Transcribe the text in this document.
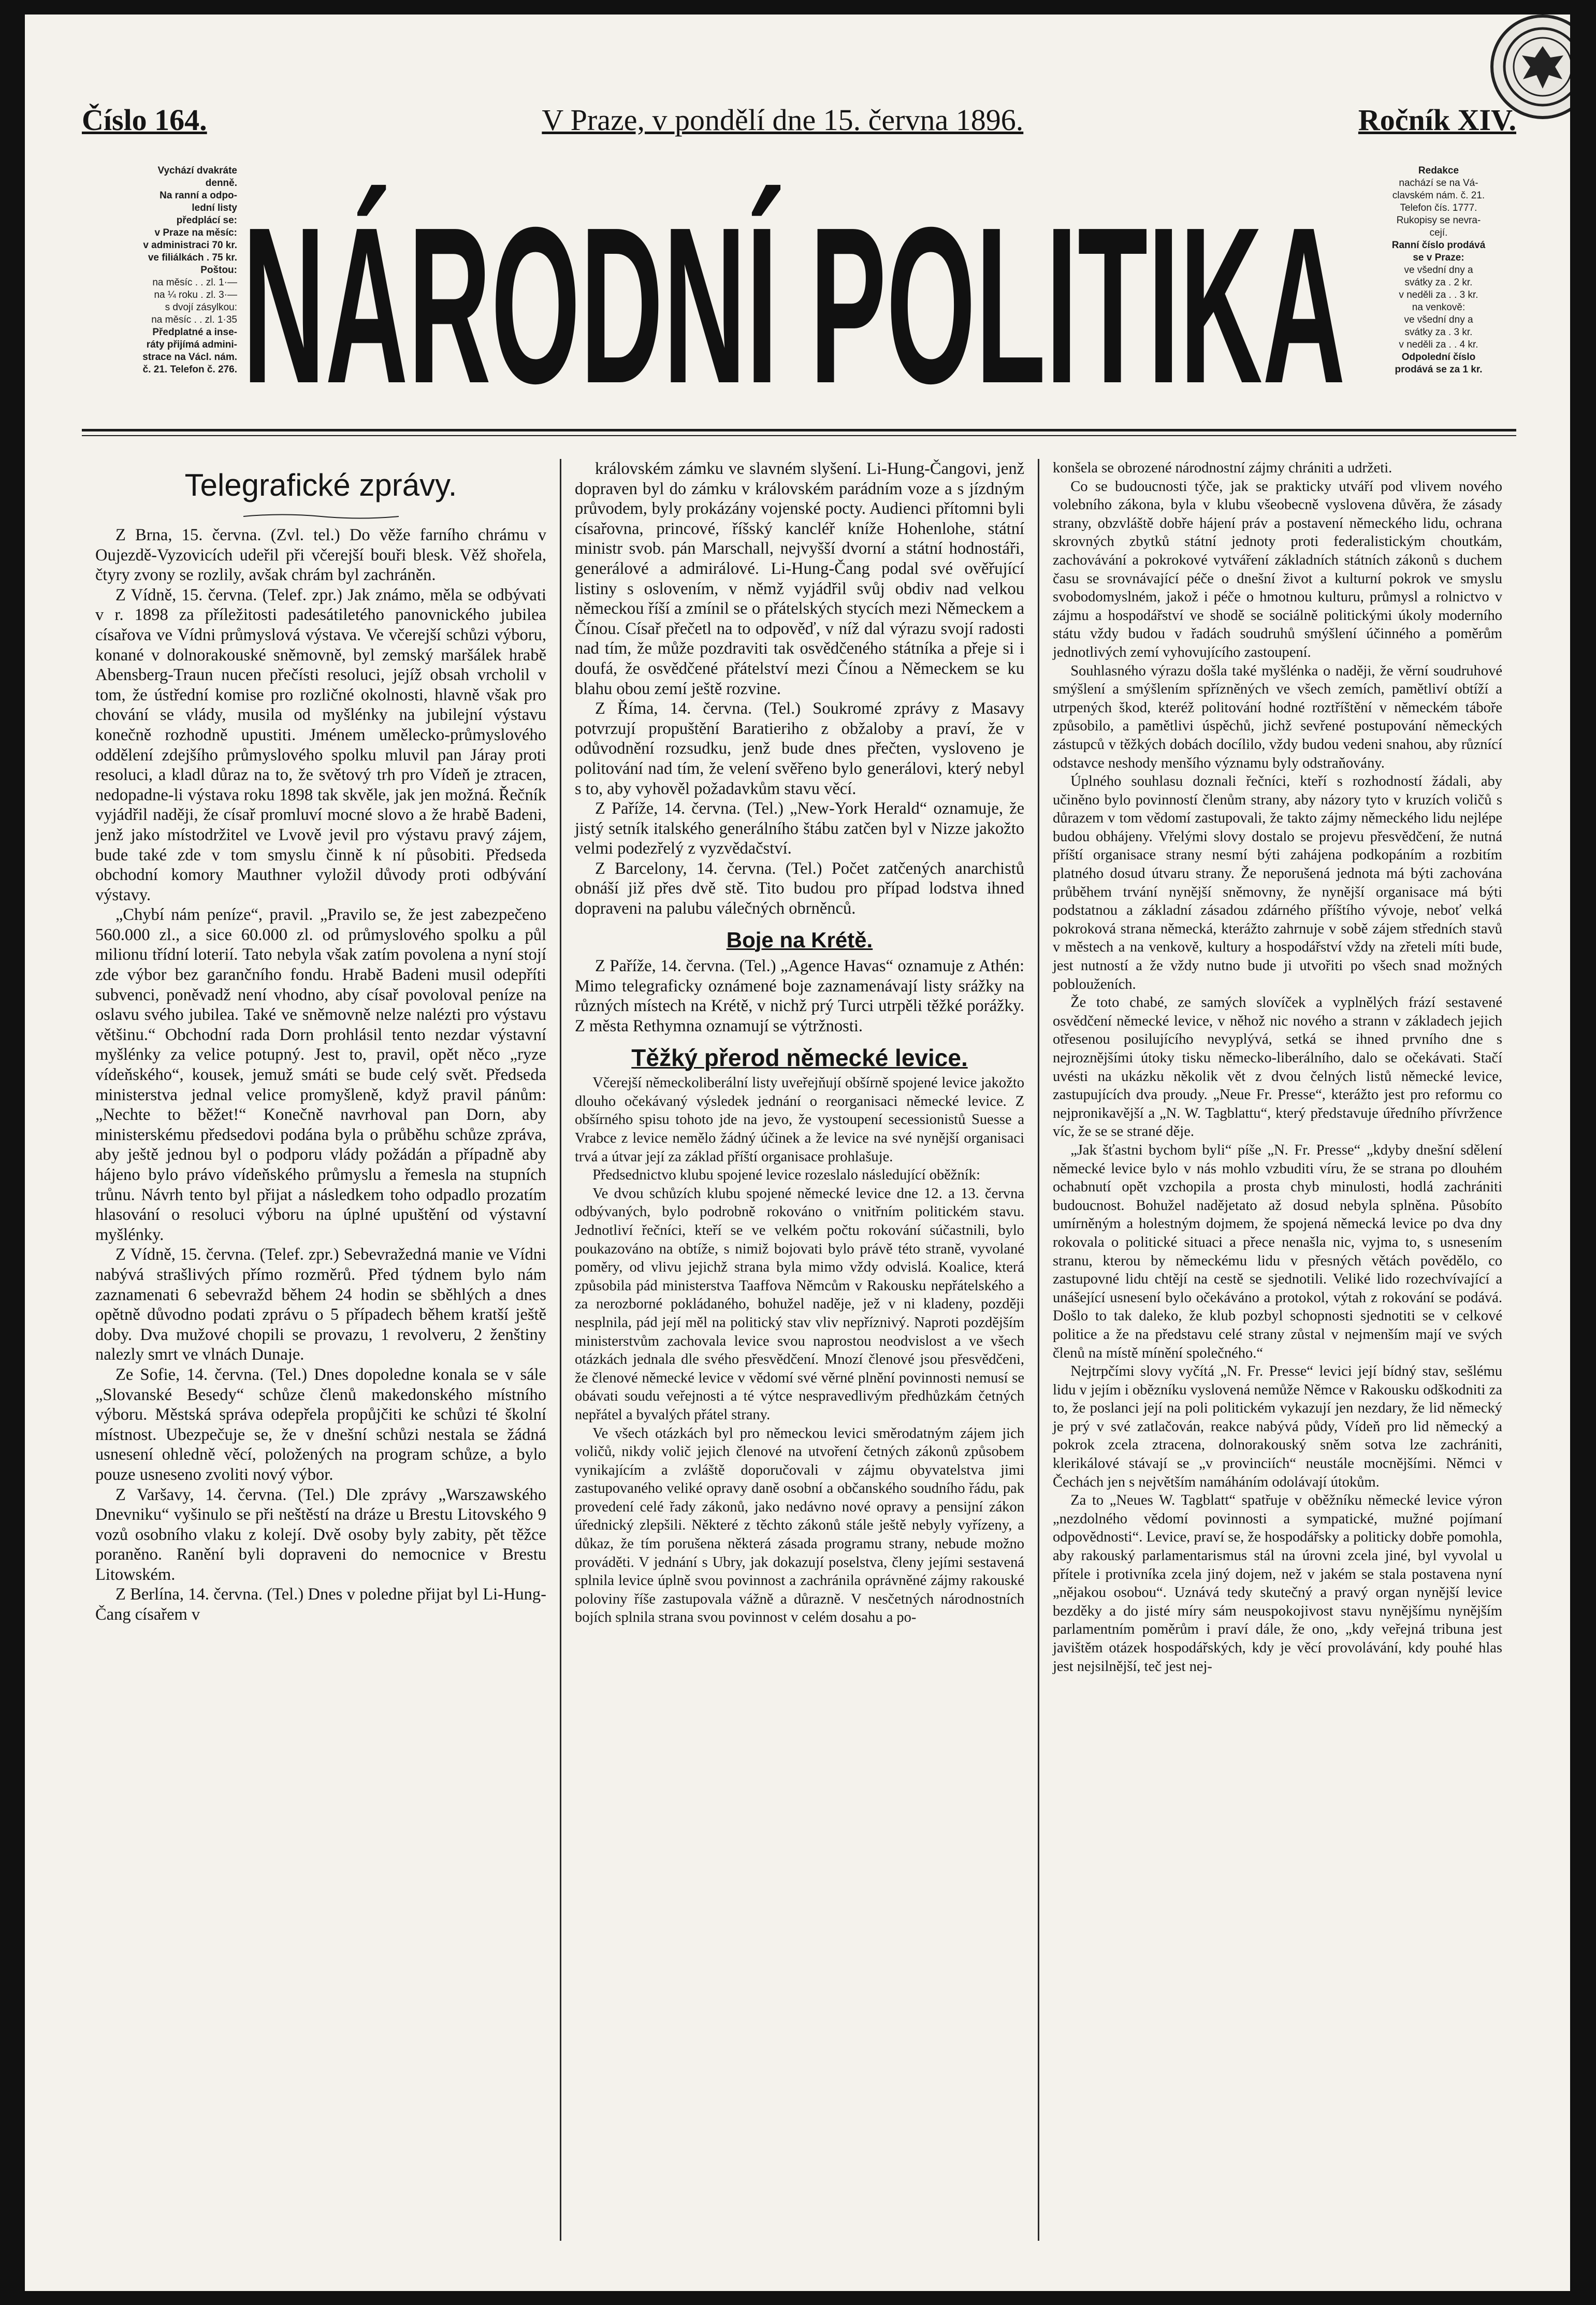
Číslo 164.	V Praze, v pondělí dne 15. června 1896.	Ročník XIV.
Vychází dvakráte
denně.
Na ranní a odpo-
lední listy
předplácí se:
v Praze na měsíc:
v administraci 70 kr.
ve filiálkách . 75 kr.
Poštou:
na měsíc . . zl. 1·—
na ¼ roku . zl. 3·—
s dvojí zásylkou:
na měsíc . . zl. 1·35
Předplatné a inse-
ráty přijímá admini-
strace na Václ. nám.
č. 21. Telefon č. 276. NÁRODNÍ POLITIKA
Redakce
nachází se na Vá-
clavském nám. č. 21.
Telefon čís. 1777.
Rukopisy se nevra-
cejí.
Ranní číslo prodává
se v Praze:
ve všední dny a
svátky za . 2 kr.
v neděli za . . 3 kr.
na venkově:
ve všední dny a
svátky za . 3 kr.
v neděli za . . 4 kr.
Odpolední číslo
prodává se za 1 kr.
Telegrafické zprávy.

Z Brna, 15. června. (Zvl. tel.) Do věže farního chrámu v Oujezdě-Vyzovicích udeřil při včerejší bouři blesk. Věž shořela, čtyry zvony se rozlily, avšak chrám byl zachráněn.

Z Vídně, 15. června. (Telef. zpr.) Jak známo, měla se odbývati v r. 1898 za příležitosti padesátiletého panovnického jubilea císařova ve Vídni průmyslová výstava. Ve včerejší schůzi výboru, konané v dolnorakouské sněmovně, byl zemský maršálek hrabě Abensberg-Traun nucen přečísti resoluci, jejíž obsah vrcholil v tom, že ústřední komise pro rozličné okolnosti, hlavně však pro chování se vlády, musila od myšlénky na jubilejní výstavu konečně rozhodně upustiti. Jménem umělecko-průmyslového oddělení zdejšího průmyslového spolku mluvil pan Járay proti resoluci, a kladl důraz na to, že světový trh pro Vídeň je ztracen, nedopadne-li výstava roku 1898 tak skvěle, jak jen možná. Řečník vyjádřil naději, že císař promluví mocné slovo a že hrabě Badeni, jenž jako místodržitel ve Lvově jevil pro výstavu pravý zájem, bude také zde v tom smyslu činně k ní působiti. Předseda obchodní komory Mauthner vyložil důvody proti odbývání výstavy.

„Chybí nám peníze“, pravil. „Pravilo se, že jest zabezpečeno 560.000 zl., a sice 60.000 zl. od průmyslového spolku a půl milionu třídní loterií. Tato nebyla však zatím povolena a nyní stojí zde výbor bez garančního fondu. Hrabě Badeni musil odepříti subvenci, poněvadž není vhodno, aby císař povoloval peníze na oslavu svého jubilea. Také ve sněmovně nelze nalézti pro výstavu většinu.“ Obchodní rada Dorn prohlásil tento nezdar výstavní myšlénky za velice potupný. Jest to, pravil, opět něco „ryze vídeňského“, kousek, jemuž smáti se bude celý svět. Předseda ministerstva jednal velice promyšleně, když pravil pánům: „Nechte to běžet!“ Konečně navrhoval pan Dorn, aby ministerskému předsedovi podána byla o průběhu schůze zpráva, aby ještě jednou byl o podporu vlády požádán a případně aby hájeno bylo právo vídeňského průmyslu a řemesla na stupních trůnu. Návrh tento byl přijat a následkem toho odpadlo prozatím hlasování o resoluci výboru na úplné upuštění od výstavní myšlénky.

Z Vídně, 15. června. (Telef. zpr.) Sebevražedná manie ve Vídni nabývá strašlivých přímo rozměrů. Před týdnem bylo nám zaznamenati 6 sebevražd během 24 hodin se sběhlých a dnes opětně důvodno podati zprávu o 5 případech během kratší ještě doby. Dva mužové chopili se provazu, 1 revolveru, 2 ženštiny nalezly smrt ve vlnách Dunaje.

Ze Sofie, 14. června. (Tel.) Dnes dopoledne konala se v sále „Slovanské Besedy“ schůze členů makedonského místního výboru. Městská správa odepřela propůjčiti ke schůzi té školní místnost. Ubezpečuje se, že v dnešní schůzi nestala se žádná usnesení ohledně věcí, položených na program schůze, a bylo pouze usneseno zvoliti nový výbor.

Z Varšavy, 14. června. (Tel.) Dle zprávy „Warszawského Dnevniku“ vyšinulo se při neštěstí na dráze u Brestu Litovského 9 vozů osobního vlaku z kolejí. Dvě osoby byly zabity, pět těžce poraněno. Ranění byli dopraveni do nemocnice v Brestu Litowském.

Z Berlína, 14. června. (Tel.) Dnes v poledne přijat byl Li-Hung-Čang císařem v

královském zámku ve slavném slyšení. Li-Hung-Čangovi, jenž dopraven byl do zámku v královském parádním voze a s jízdným průvodem, byly prokázány vojenské pocty. Audienci přítomni byli císařovna, princové, říšský kancléř kníže Hohenlohe, státní ministr svob. pán Marschall, nejvyšší dvorní a státní hodnostáři, generálové a admirálové. Li-Hung-Čang podal své ověřující listiny s oslovením, v němž vyjádřil svůj obdiv nad velkou německou říší a zmínil se o přátelských stycích mezi Německem a Čínou. Císař přečetl na to odpověď, v níž dal výrazu svojí radosti nad tím, že může pozdraviti tak osvědčeného státníka a přeje si i doufá, že osvědčené přátelství mezi Čínou a Německem se ku blahu obou zemí ještě rozvine.

Z Říma, 14. června. (Tel.) Soukromé zprávy z Masavy potvrzují propuštění Baratieriho z obžaloby a praví, že v odůvodnění rozsudku, jenž bude dnes přečten, vysloveno je politování nad tím, že velení svěřeno bylo generálovi, který nebyl s to, aby vyhověl požadavkům stavu věcí.

Z Paříže, 14. června. (Tel.) „New-York Herald“ oznamuje, že jistý setník italského generálního štábu zatčen byl v Nizze jakožto velmi podezřelý z vyzvědačství.

Z Barcelony, 14. června. (Tel.) Počet zatčených anarchistů obnáší již přes dvě stě. Tito budou pro případ lodstva ihned dopraveni na palubu válečných obrněnců.

Boje na Krétě.

Z Paříže, 14. června. (Tel.) „Agence Havas“ oznamuje z Athén: Mimo telegraficky oznámené boje zaznamenávají listy srážky na různých místech na Krétě, v nichž prý Turci utrpěli těžké porážky. Z města Rethymna oznamují se výtržnosti.

Těžký přerod německé levice.

Včerejší německoliberální listy uveřejňují obšírně spojené levice jakožto dlouho očekávaný výsledek jednání o reorganisaci německé levice. Z obšírného spisu tohoto jde na jevo, že vystoupení secessionistů Suesse a Vrabce z levice nemělo žádný účinek a že levice na své nynější organisaci trvá a útvar její za základ příští organisace prohlašuje.

Předsednictvo klubu spojené levice rozeslalo následující oběžník:

Ve dvou schůzích klubu spojené německé levice dne 12. a 13. června odbývaných, bylo podrobně rokováno o vnitřním politickém stavu. Jednotliví řečníci, kteří se ve velkém počtu rokování súčastnili, bylo poukazováno na obtíže, s nimiž bojovati bylo právě této straně, vyvolané poměry, od vlivu jejichž strana byla mimo vždy odvislá. Koalice, která způsobila pád ministerstva Taaffova Němcům v Rakousku nepřátelského a za nerozborné pokládaného, bohužel naděje, jež v ni kladeny, později nesplnila, pád její měl na politický stav vliv nepříznivý. Naproti pozdějším ministerstvům zachovala levice svou naprostou neodvislost a ve všech otázkách jednala dle svého přesvědčení. Mnozí členové jsou přesvědčeni, že členové německé levice v vědomí své věrné plnění povinnosti nemusí se obávati soudu veřejnosti a té výtce nespravedlivým předhůzkám četných nepřátel a byvalých přátel strany.

Ve všech otázkách byl pro německou levici směrodatným zájem jich voličů, nikdy volič jejich členové na utvoření četných zákonů způsobem vynikajícím a zvláště doporučovali v zájmu obyvatelstva jimi zastupovaného veliké opravy daně osobní a občanského soudního řádu, pak provedení celé řady zákonů, jako nedávno nové opravy a pensijní zákon úřednický zlepšili. Některé z těchto zákonů stále ještě nebyly vyřízeny, a důkaz, že tím porušena některá zásada programu strany, nebude možno prováděti. V jednání s Ubry, jak dokazují poselstva, členy jejími sestavená splnila levice úplně svou povinnost a zachránila oprávněné zájmy rakouské poloviny říše zastupovala vážně a důrazně. V nesčetných národnostních bojích splnila strana svou povinnost v celém dosahu a po-

konšela se obrozené národnostní zájmy chrániti a udržeti.

Co se budoucnosti týče, jak se prakticky utváří pod vlivem nového volebního zákona, byla v klubu všeobecně vyslovena důvěra, že zásady strany, obzvláště dobře hájení práv a postavení německého lidu, ochrana skrovných zbytků státní jednoty proti federalistickým choutkám, zachovávání a pokrokové vytváření základních státních zákonů s duchem času se srovnávající péče o dnešní život a kulturní pokrok ve smyslu svobodomyslném, jakož i péče o hmotnou kulturu, průmysl a rolnictvo v zájmu a hospodářství ve shodě se sociálně politickými úkoly moderního státu vždy budou v řadách soudruhů smýšlení účinného a poměrům jednotlivých zemí vyhovujícího zastoupení.

Souhlasného výrazu došla také myšlénka o naději, že věrní soudruhové smýšlení a smýšlením spřízněných ve všech zemích, pamětliví obtíží a utrpených škod, kteréž politování hodné roztříštění v německém táboře způsobilo, a pamětlivi úspěchů, jichž sevřené postupování německých zástupců v těžkých dobách docílilo, vždy budou vedeni snahou, aby různící odstavce neshody menšího významu byly odstraňovány.

Úplného souhlasu doznali řečníci, kteří s rozhodností žádali, aby učiněno bylo povinností členům strany, aby názory tyto v kruzích voličů s důrazem v tom vědomí zastupovali, že takto zájmy německého lidu nejlépe budou obhájeny. Vřelými slovy dostalo se projevu přesvědčení, že nutná příští organisace strany nesmí býti zahájena podkopáním a rozbitím platného dosud útvaru strany. Že neporušená jednota má býti zachována průběhem trvání nynější sněmovny, že nynější organisace má býti podstatnou a základní zásadou zdárného příštího vývoje, neboť velká pokroková strana německá, kterážto zahrnuje v sobě zájem středních stavů v městech a na venkově, kultury a hospodářství vždy na zřeteli míti bude, jest nutností a že vždy nutno bude ji utvořiti po všech snad možných poblouženích.

Že toto chabé, ze samých slovíček a vyplnělých frází sestavené osvědčení německé levice, v něhož nic nového a strann v základech jejich otřesenou posilujícího nevyplývá, setká se ihned prvního dne s nejroznějšími útoky tisku německo-liberálního, dalo se očekávati. Stačí uvésti na ukázku několik vět z dvou čelných listů německé levice, zastupujících dva proudy. „Neue Fr. Presse“, kterážto jest pro reformu co nejpronikavější a „N. W. Tagblattu“, který představuje úředního přívržence víc, že se se strané děje.

„Jak šťastni bychom byli“ píše „N. Fr. Presse“ „kdyby dnešní sdělení německé levice bylo v nás mohlo vzbuditi víru, že se strana po dlouhém ochabnutí opět vzchopila a prosta chyb minulosti, hodlá zachrániti budoucnost. Bohužel nadějetato až dosud nebyla splněna. Působíto umírněným a holestným dojmem, že spojená německá levice po dva dny rokovala o politické situaci a přece nenašla nic, vyjma to, s usnesením stranu, kterou by německému lidu v přesných větách povědělo, co zastupovné lidu chtějí na cestě se sjednotili. Veliké lido rozechvívající a unášející usnesení bylo očekáváno a protokol, výtah z rokování se podává. Došlo to tak daleko, že klub pozbyl schopnosti sjednotiti se v celkové politice a že na představu celé strany zůstal v nejmenším mají ve svých členů na místě mínění společného.“

Nejtrpčími slovy vyčítá „N. Fr. Presse“ levici její bídný stav, sešlému lidu v jejím i obězníku vyslovená nemůže Němce v Rakousku odškodniti za to, že poslanci její na poli politickém vykazují jen nezdary, že lid německý je prý v své zatlačován, reakce nabývá půdy, Vídeň pro lid německý a pokrok zcela ztracena, dolnorakouský sněm sotva lze zachrániti, klerikálové stávají se „v provinciích“ neustále mocnějšími. Němci v Čechách jen s největším namáháním odolávají útokům.

Za to „Neues W. Tagblatt“ spatřuje v oběžníku německé levice výron „nezdolného vědomí povinnosti a sympatické, mužné pojímaní odpovědnosti“. Levice, praví se, že hospodářsky a politicky dobře pomohla, aby rakouský parlamentarismus stál na úrovni zcela jiné, byl vyvolal u přítele i protivníka zcela jiný dojem, než v jakém se stala postavena nyní „nějakou osobou“. Uznává tedy skutečný a pravý organ nynější levice bezděky a do jisté míry sám neuspokojivost stavu nynějšímu nynějším parlamentním poměrům i praví dále, že ono, „kdy veřejná tribuna jest javištěm otázek hospodářských, kdy je věcí provolávání, kdy pouhé hlas jest nejsilnější, teč jest nej-
